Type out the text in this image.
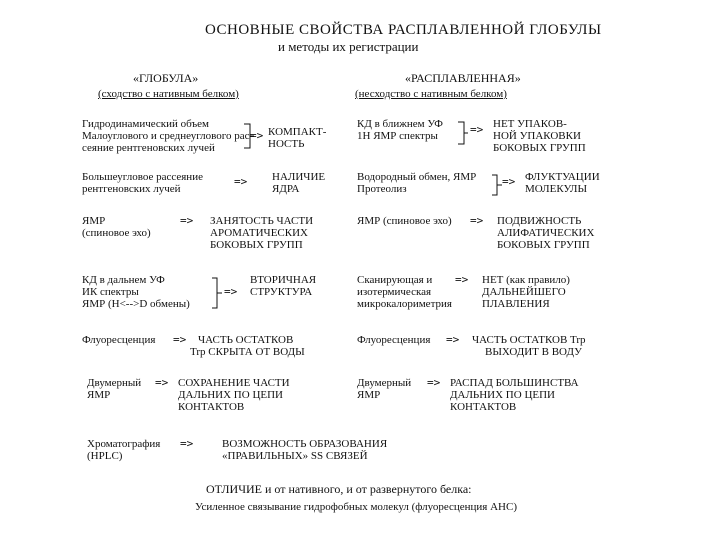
ОСНОВНЫЕ СВОЙСТВА РАСПЛАВЛЕННОЙ ГЛОБУЛЫ
и методы их регистрации
«ГЛОБУЛА»
(сходство с нативным белком)
«РАСПЛАВЛЕННАЯ»
(несходство с нативным белком)
Гидродинамический объем
Малоуглового и среднеуглового рас-
сеяние рентгеновских лучей
=> КОМПАКТ-
НОСТЬ
КД в ближнем УФ
1Н ЯМР спектры	=> НЕТ УПАКОВ-
НОЙ УПАКОВКИ
БОКОВЫХ ГРУПП
Большеугловое рассеяние
рентгеновских лучей
=> НАЛИЧИЕ
ЯДРА
Водородный обмен, ЯМР
Протеолиз
=> ФЛУКТУАЦИИ
МОЛЕКУЛЫ
ЯМР
(спиновое эхо)
=> ЗАНЯТОСТЬ ЧАСТИ
АРОМАТИЧЕСКИХ
БОКОВЫХ ГРУПП
ЯМР (спиновое эхо) => ПОДВИЖНОСТЬ
АЛИФАТИЧЕСКИХ
БОКОВЫХ ГРУПП
КД в дальнем УФ
ИК спектры
ЯМР (H<-->D обмены)
=>
ВТОРИЧНАЯ
СТРУКТУРА
Сканирующая и
изотермическая
микрокалориметрия
=> НЕТ (как правило)
ДАЛЬНЕЙШЕГО
ПЛАВЛЕНИЯ
Флуоресценция => ЧАСТЬ ОСТАТКОВ
Trp СКРЫТА ОТ ВОДЫ
Флуоресценция => ЧАСТЬ ОСТАТКОВ Trp
ВЫХОДИТ В ВОДУ
Двумерный
ЯМР
=> СОХРАНЕНИЕ ЧАСТИ
ДАЛЬНИХ ПО ЦЕПИ
КОНТАКТОВ
Двумерный
ЯМР
=> РАСПАД БОЛЬШИНСТВА
ДАЛЬНИХ ПО ЦЕПИ
КОНТАКТОВ
Хроматография
(HPLC)
=>	ВОЗМОЖНОСТЬ ОБРАЗОВАНИЯ
«ПРАВИЛЬНЫХ» SS СВЯЗЕЙ
ОТЛИЧИЕ и от нативного, и от развернутого белка:
Усиленное связывание гидрофобных молекул (флуоресценция АНС)
